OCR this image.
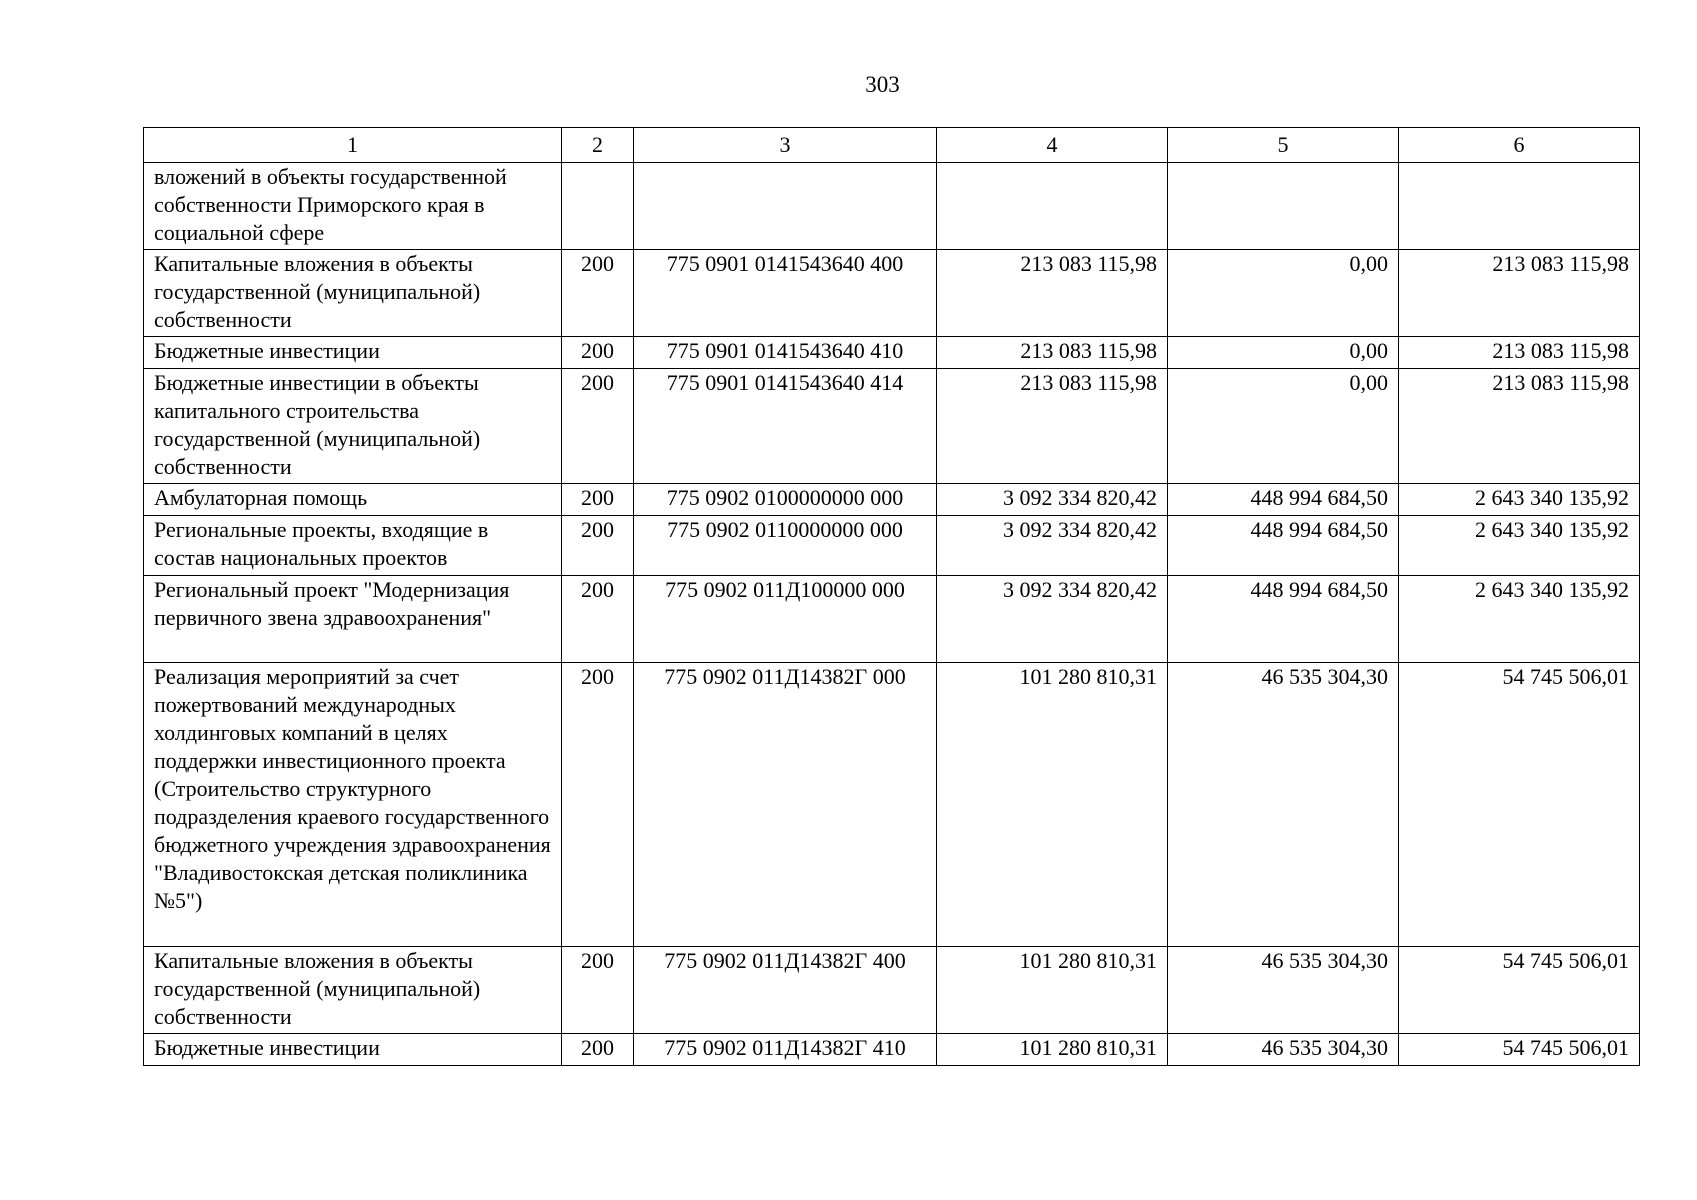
303
1	2	3	4	5	6
вложений в объекты государственной собственности Приморского края в социальной сфере					
Капитальные вложения в объекты государственной (муниципальной) собственности	200	775 0901 0141543640 400	213 083 115,98	0,00	213 083 115,98
Бюджетные инвестиции	200	775 0901 0141543640 410	213 083 115,98	0,00	213 083 115,98
Бюджетные инвестиции в объекты капитального строительства государственной (муниципальной) собственности	200	775 0901 0141543640 414	213 083 115,98	0,00	213 083 115,98
Амбулаторная помощь	200	775 0902 0100000000 000	3 092 334 820,42	448 994 684,50	2 643 340 135,92
Региональные проекты, входящие в состав национальных проектов	200	775 0902 0110000000 000	3 092 334 820,42	448 994 684,50	2 643 340 135,92
Региональный проект "Модернизация первичного звена здравоохранения"	200	775 0902 011Д100000 000	3 092 334 820,42	448 994 684,50	2 643 340 135,92
Реализация мероприятий за счет пожертвований международных холдинговых компаний в целях поддержки инвестиционного проекта (Строительство структурного подразделения краевого государственного бюджетного учреждения здравоохранения "Владивостокская детская поликлиника №5")	200	775 0902 011Д14382Г 000	101 280 810,31	46 535 304,30	54 745 506,01
Капитальные вложения в объекты государственной (муниципальной) собственности	200	775 0902 011Д14382Г 400	101 280 810,31	46 535 304,30	54 745 506,01
Бюджетные инвестиции	200	775 0902 011Д14382Г 410	101 280 810,31	46 535 304,30	54 745 506,01
